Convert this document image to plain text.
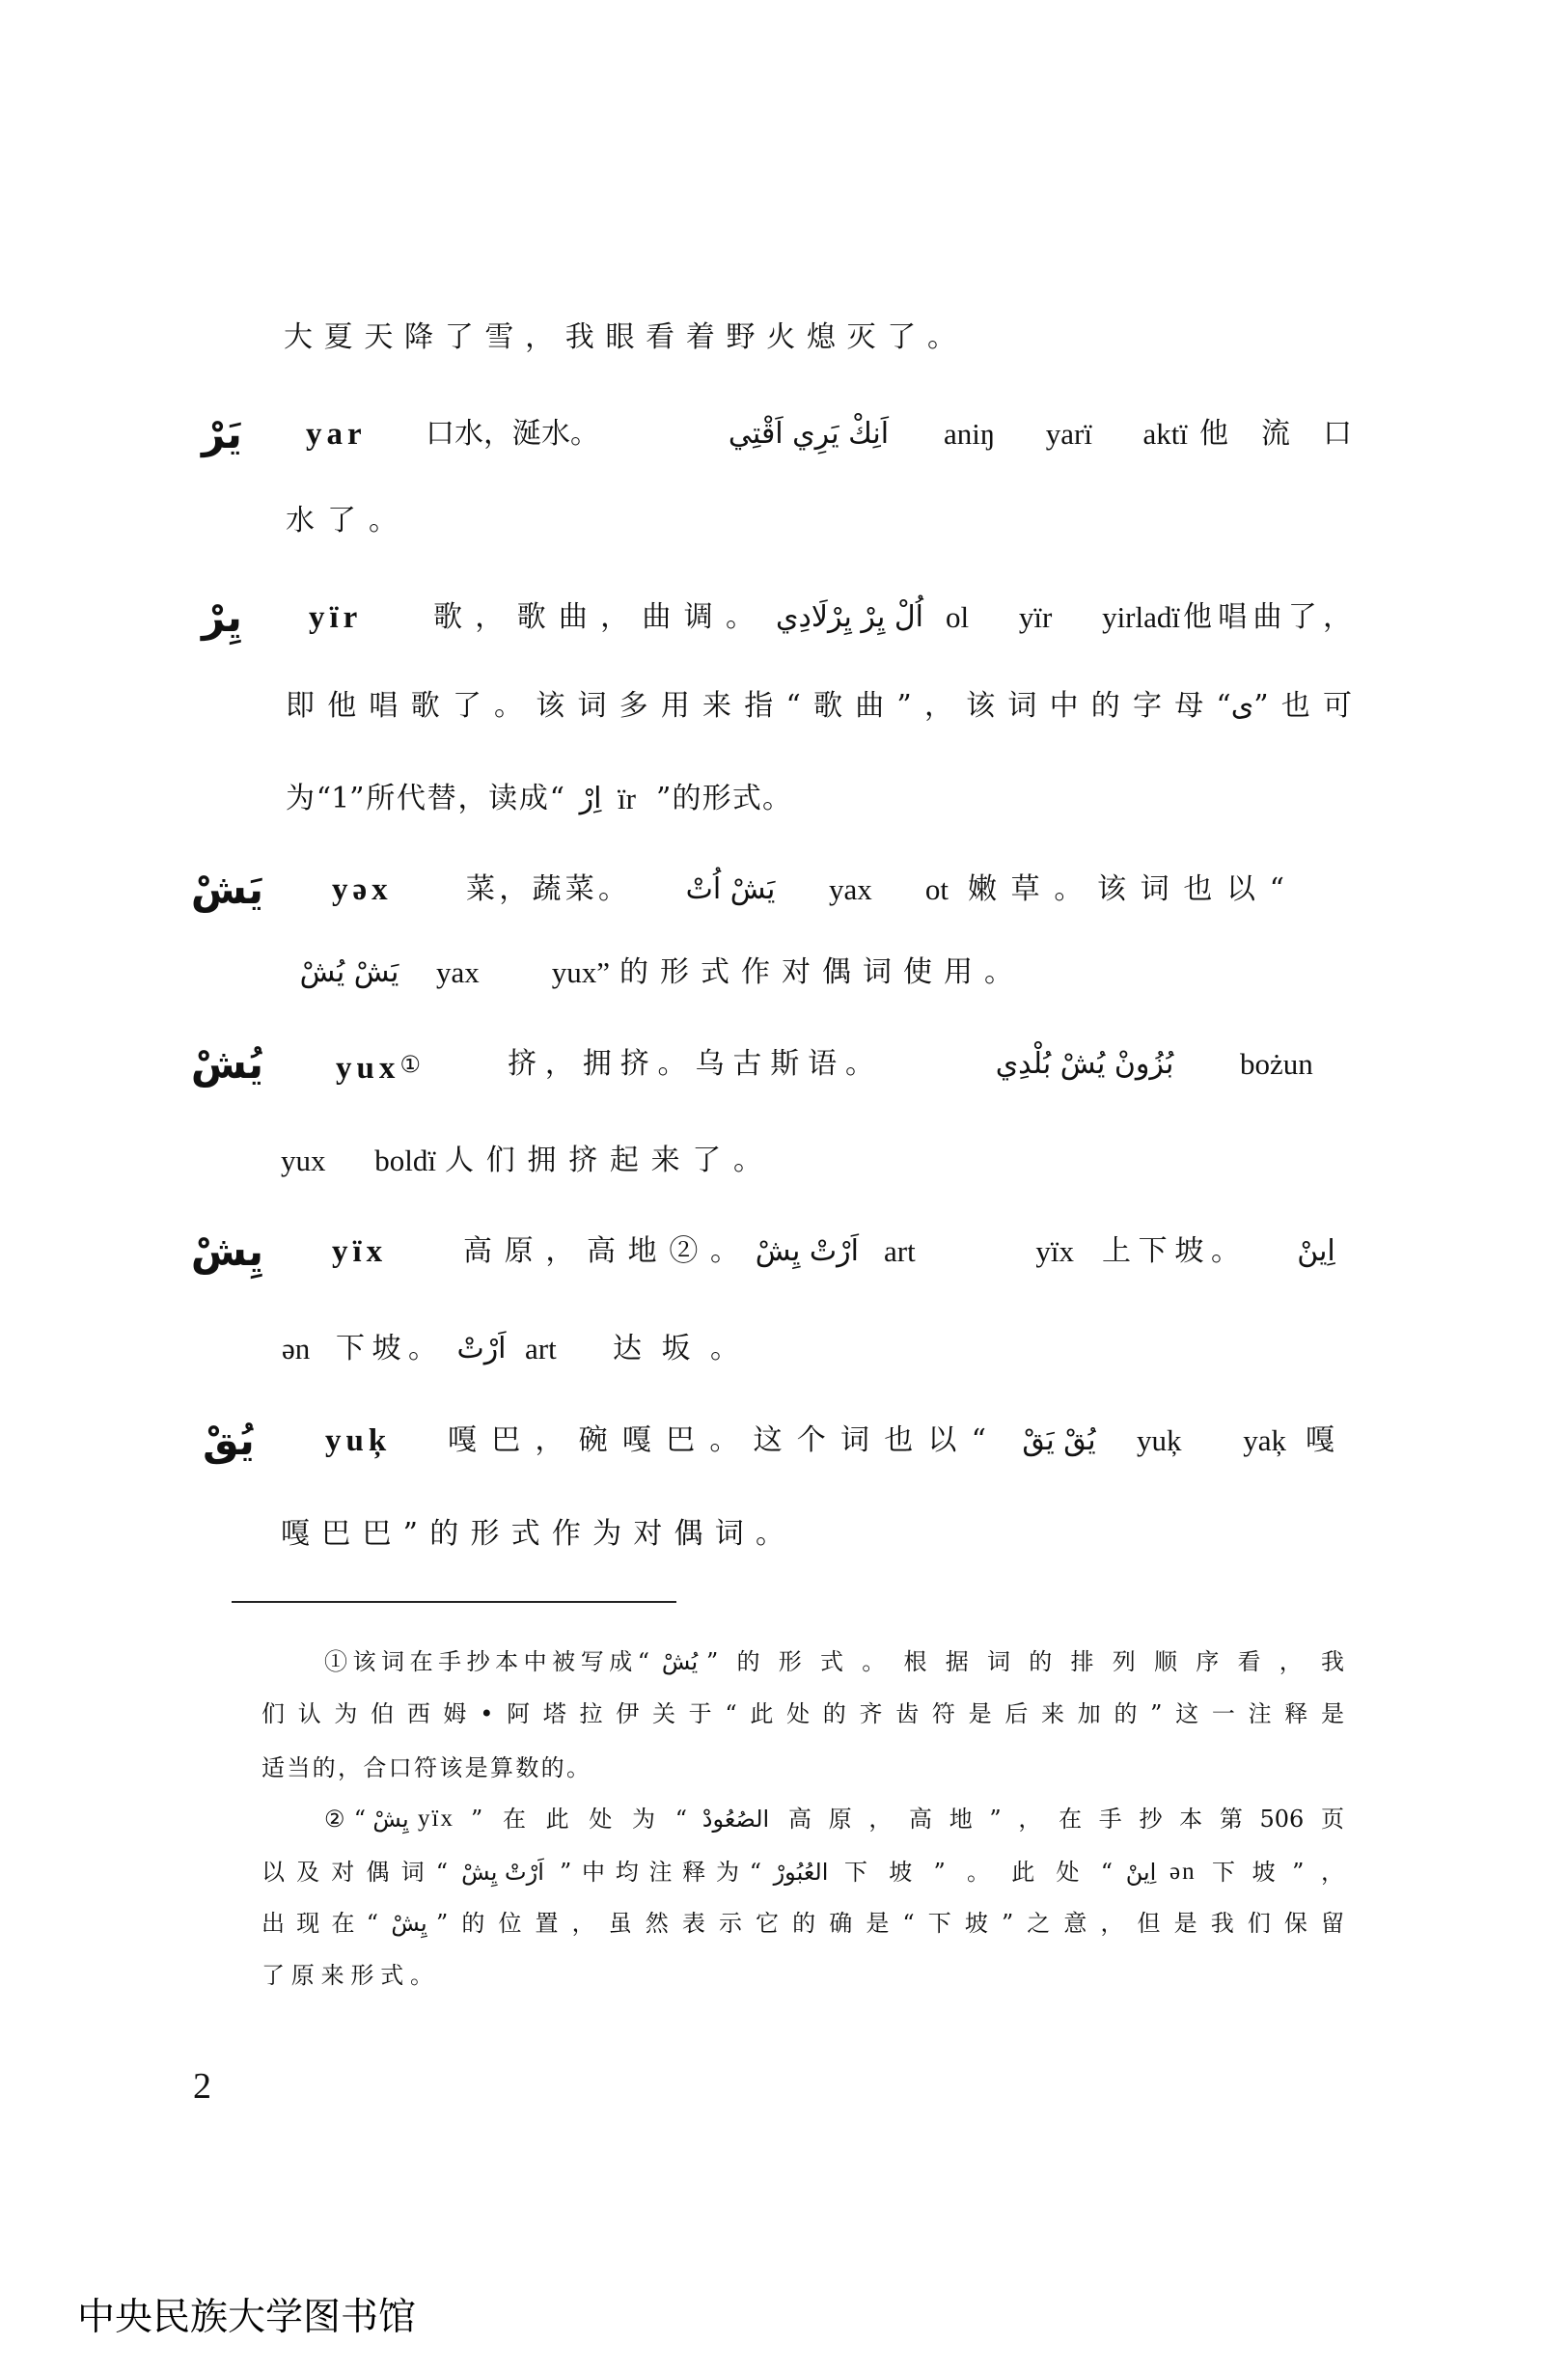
大夏天降了雪，我眼看着野火熄灭了。
يَرْ	yar	口水，涎水。	اَنِكْ يَرِي اَقْتِي	aniŋ yarï aktï 他流口
水了。
يِرْ	yïr	歌，歌曲，曲调。 اُلْ يِرْ يِرْلَادِي ol yïr yirladï 他唱曲了，
即他唱歌了。该词多用来指“歌曲”，该词中的字母“ى”也可
为“1”所代替，读成“ اِرْ ïr ”的形式。
يَشْ yəx	菜，蔬菜。 يَشْ اُتْ yax ot 嫩草。该词也以“
يَشْ يُشْ	yax yux” 的形式作对偶词使用。
يُشْ yux①	挤，拥挤。乌古斯语。	بُزُونْ يُشْ بُلْدِي	bożun
yux boldï 人们拥挤起来了。
يِشْ yïx	高原，高地②。 اَرْتْ يِشْ art yïx 上下坡。	اِينْ
ən 下坡。 اَرْتْ art	达坂。
يُقْ yuķ	嘎巴，碗嘎巴。这个词也以“	يُقْ يَقْ	yuķ yaķ 嘎
嘎巴巴”的形式作为对偶词。
①该词在手抄本中被写成“ يُشْ ”的形式。根据词的排列顺序看，我
们认为伯西姆•阿塔拉伊关于“此处的齐齿符是后来加的”这一注释是
适当的，合口符该是算数的。
②“ يِشْ yïx ”在此处为“ الصُعُودْ 高原，高地”，在手抄本第506页
以及对偶词“ اَرْتْ يِشْ ”中均注释为“ العُبُورْ 下坡”。此处“ اِينْ ən 下坡”，
出现在“ يِشْ ”的位置，虽然表示它的确是“下坡”之意，但是我们保留
了原来形式。
2
中央民族大学图书馆
